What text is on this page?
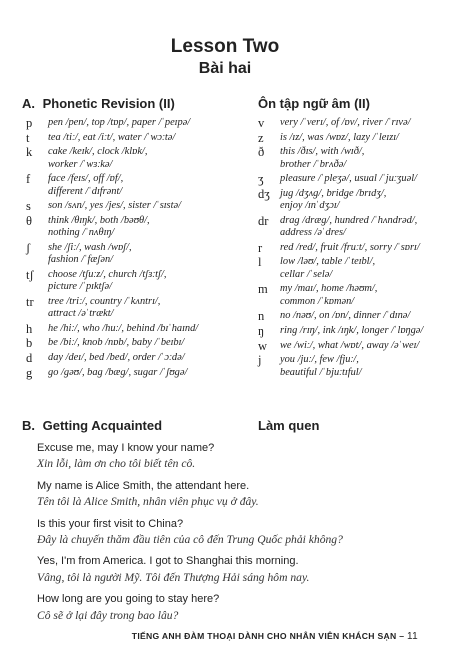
Lesson Two
Bài hai
A. Phonetic Revision (II)	Ôn tập ngữ âm (II)
p	pen /pen/, top /tɒp/, paper /ˈpeɪpə/
t	tea /tiː/, eat /iːt/, water /ˈwɔːtə/
k	cake /keɪk/, clock /klɒk/,
worker /ˈwɜːkə/
f	face /feɪs/, off /ɒf/,
different /ˈdɪfrənt/
s	son /sʌn/, yes /jes/, sister /ˈsɪstə/
θ	think /θɪŋk/, both /bəʊθ/,
nothing /ˈnʌθɪŋ/
ʃ	she /ʃiː/, wash /wɒʃ/,
fashion /ˈfæʃən/
tʃ	choose /tʃuːz/, church /tʃɜːtʃ/,
picture /ˈpɪktʃə/
tr	tree /triː/, country /ˈkʌntrɪ/,
attract /əˈtrækt/
h	he /hiː/, who /huː/, behind /bɪˈhaɪnd/
b	be /biː/, knob /nɒb/, baby /ˈbeɪbɪ/
d	day /deɪ/, bed /bed/, order /ˈɔːdə/
g	go /gəʊ/, bag /bæg/, sugar /ˈʃʊgə/
v	very /ˈverɪ/, of /ɒv/, river /ˈrɪvə/
z	is /ɪz/, was /wɒz/, lazy /ˈleɪzɪ/
ð	this /ðɪs/, with /wɪð/,
brother /ˈbrʌðə/
ʒ	pleasure /ˈpleʒə/, usual /ˈjuːʒuəl/
dʒ jug /dʒʌg/, bridge /brɪdʒ/,
enjoy /ɪnˈdʒɔɪ/
dr	drag /dræg/, hundred /ˈhʌndrəd/,
address /əˈdres/
r	red /red/, fruit /fruːt/, sorry /ˈsɒrɪ/
l	low /ləʊ/, table /ˈteɪbl/,
cellar /ˈselə/
m	my /maɪ/, home /həʊm/,
common /ˈkɒmən/
n	no /nəʊ/, on /ɒn/, dinner /ˈdɪnə/
ŋ	ring /rɪŋ/, ink /ɪŋk/, longer /ˈlɒŋgə/
w	we /wiː/, what /wɒt/, away /əˈweɪ/
j	you /juː/, few /fjuː/,
beautiful /ˈbjuːtɪful/
B. Getting Acquainted	Làm quen
Excuse me, may I know your name?
Xin lỗi, làm ơn cho tôi biết tên cô.
My name is Alice Smith, the attendant here.
Tên tôi là Alice Smith, nhân viên phục vụ ở đây.
Is this your first visit to China?
Đây là chuyến thăm đầu tiên của cô đến Trung Quốc phải không?
Yes, I'm from America. I got to Shanghai this morning.
Vâng, tôi là người Mỹ. Tôi đến Thượng Hải sáng hôm nay.
How long are you going to stay here?
Cô sẽ ở lại đây trong bao lâu?
TIẾNG ANH ĐÀM THOẠI DÀNH CHO NHÂN VIÊN KHÁCH SẠN – 11
